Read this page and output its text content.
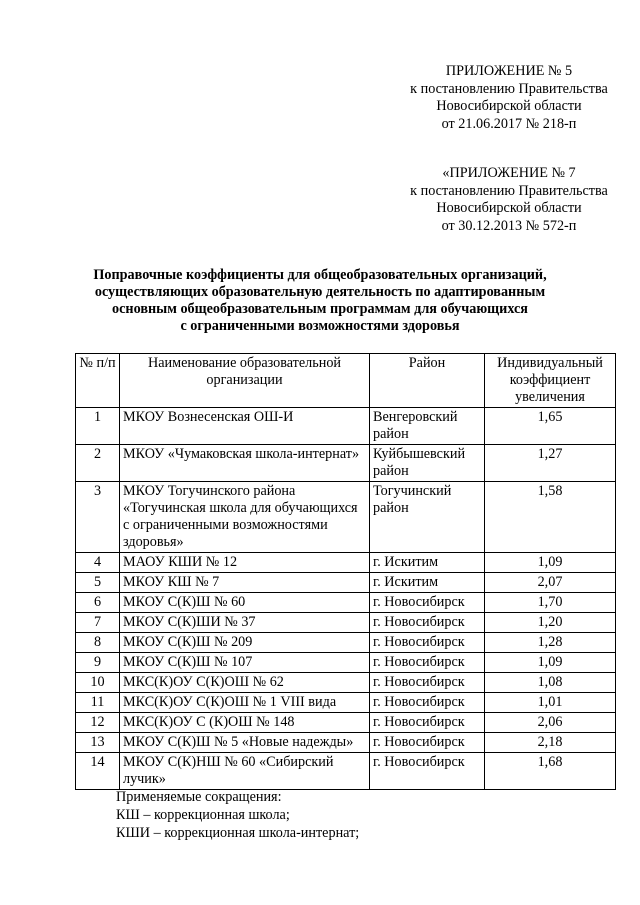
ПРИЛОЖЕНИЕ № 5
к постановлению Правительства
Новосибирской области
от 21.06.2017 № 218-п
«ПРИЛОЖЕНИЕ № 7
к постановлению Правительства
Новосибирской области
от 30.12.2013 № 572-п
Поправочные коэффициенты для общеобразовательных организаций,
осуществляющих образовательную деятельность по адаптированным
основным общеобразовательным программам для обучающихся
с ограниченными возможностями здоровья
№ п/п	Наименование образовательной организации	Район	Индивидуальный коэффициент увеличения
1	МКОУ Вознесенская ОШ-И	Венгеровский район	1,65
2	МКОУ «Чумаковская школа-интернат»	Куйбышевский район	1,27
3	МКОУ Тогучинского района «Тогучинская школа для обучающихся с ограниченными возможностями здоровья»	Тогучинский район	1,58
4	МАОУ КШИ № 12	г. Искитим	1,09
5	МКОУ КШ № 7	г. Искитим	2,07
6	МКОУ С(К)Ш № 60	г. Новосибирск	1,70
7	МКОУ С(К)ШИ № 37	г. Новосибирск	1,20
8	МКОУ С(К)Ш № 209	г. Новосибирск	1,28
9	МКОУ С(К)Ш № 107	г. Новосибирск	1,09
10	МКС(К)ОУ С(К)ОШ № 62	г. Новосибирск	1,08
11	МКС(К)ОУ С(К)ОШ № 1 VIII вида	г. Новосибирск	1,01
12	МКС(К)ОУ С (К)ОШ № 148	г. Новосибирск	2,06
13	МКОУ С(К)Ш № 5 «Новые надежды»	г. Новосибирск	2,18
14	МКОУ С(К)НШ № 60 «Сибирский лучик»	г. Новосибирск	1,68
Применяемые сокращения:
КШ – коррекционная школа;
КШИ – коррекционная школа-интернат;
